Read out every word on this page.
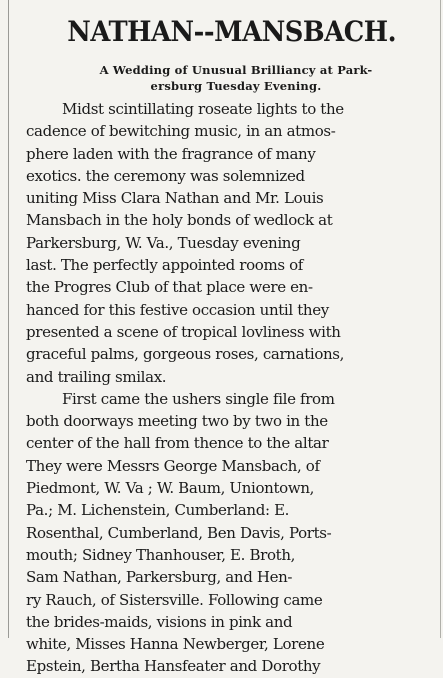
NATHAN--MANSBACH.
A Wedding of Unusual Brilliancy at Park-
ersburg Tuesday Evening.
Midst scintillating roseate lights to the
cadence of bewitching music, in an atmos-
phere laden with the fragrance of many
exotics. the ceremony was solemnized
uniting Miss Clara Nathan and Mr. Louis
Mansbach in the holy bonds of wedlock at
Parkersburg, W. Va., Tuesday evening
last. The perfectly appointed rooms of
the Progres Club of that place were en-
hanced for this festive occasion until they
presented a scene of tropical lovliness with
graceful palms, gorgeous roses, carnations,
and trailing smilax.
First came the ushers single file from
both doorways meeting two by two in the
center of the hall from thence to the altar
They were Messrs George Mansbach, of
Piedmont, W. Va ; W. Baum, Uniontown,
Pa.; M. Lichenstein, Cumberland: E.
Rosenthal, Cumberland, Ben Davis, Ports-
mouth; Sidney Thanhouser, E. Broth,
Sam Nathan, Parkersburg, and Hen-
ry Rauch, of Sistersville. Following came
the brides-maids, visions in pink and
white, Misses Hanna Newberger, Lorene
Epstein, Bertha Hansfeater and Dorothy
